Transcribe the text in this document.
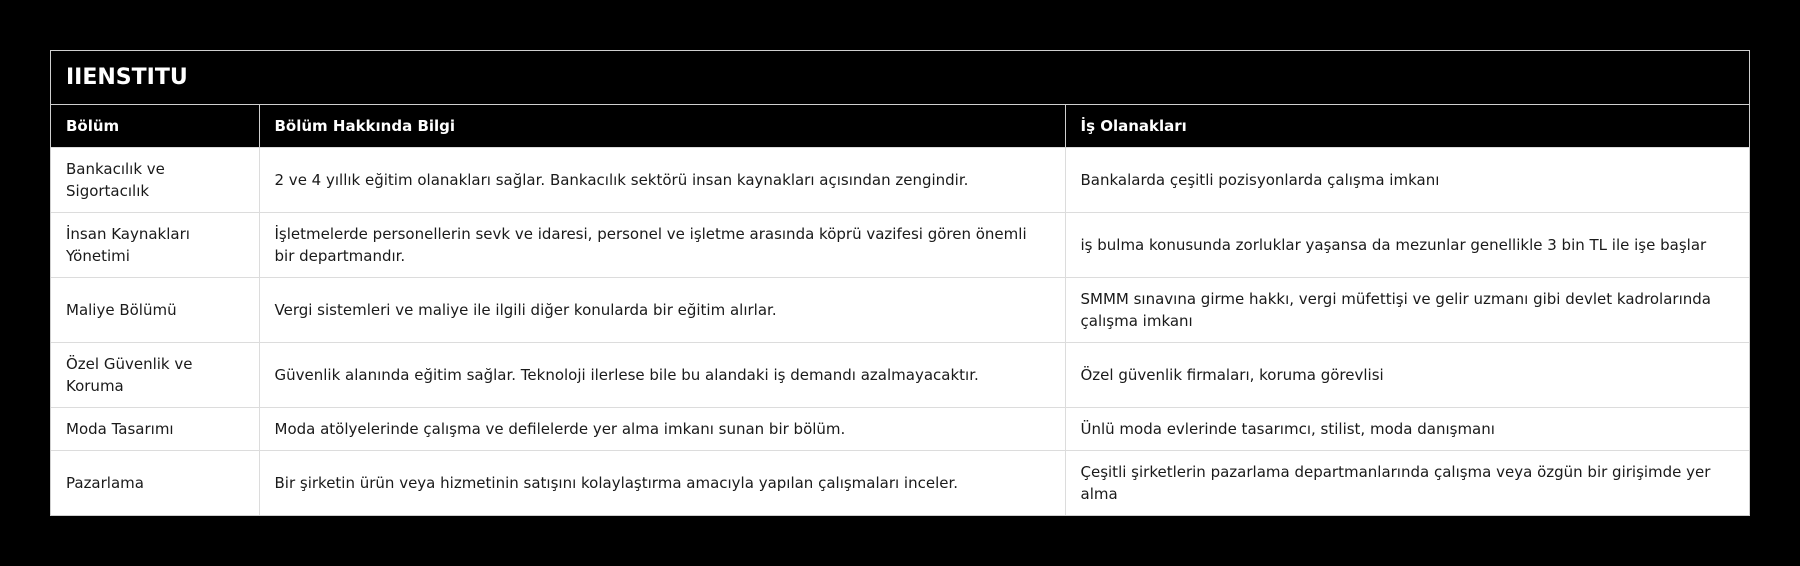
IIENSTITU		
Bölüm	Bölüm Hakkında Bilgi	İş Olanakları
Bankacılık ve Sigortacılık	2 ve 4 yıllık eğitim olanakları sağlar. Bankacılık sektörü insan kaynakları açısından zengindir.	Bankalarda çeşitli pozisyonlarda çalışma imkanı
İnsan Kaynakları Yönetimi	İşletmelerde personellerin sevk ve idaresi, personel ve işletme arasında köprü vazifesi gören önemli bir departmandır.	iş bulma konusunda zorluklar yaşansa da mezunlar genellikle 3 bin TL ile işe başlar
Maliye Bölümü	Vergi sistemleri ve maliye ile ilgili diğer konularda bir eğitim alırlar.	SMMM sınavına girme hakkı, vergi müfettişi ve gelir uzmanı gibi devlet kadrolarında çalışma imkanı
Özel Güvenlik ve Koruma	Güvenlik alanında eğitim sağlar. Teknoloji ilerlese bile bu alandaki iş demandı azalmayacaktır.	Özel güvenlik firmaları, koruma görevlisi
Moda Tasarımı	Moda atölyelerinde çalışma ve defilelerde yer alma imkanı sunan bir bölüm.	Ünlü moda evlerinde tasarımcı, stilist, moda danışmanı
Pazarlama	Bir şirketin ürün veya hizmetinin satışını kolaylaştırma amacıyla yapılan çalışmaları inceler.	Çeşitli şirketlerin pazarlama departmanlarında çalışma veya özgün bir girişimde yer alma
